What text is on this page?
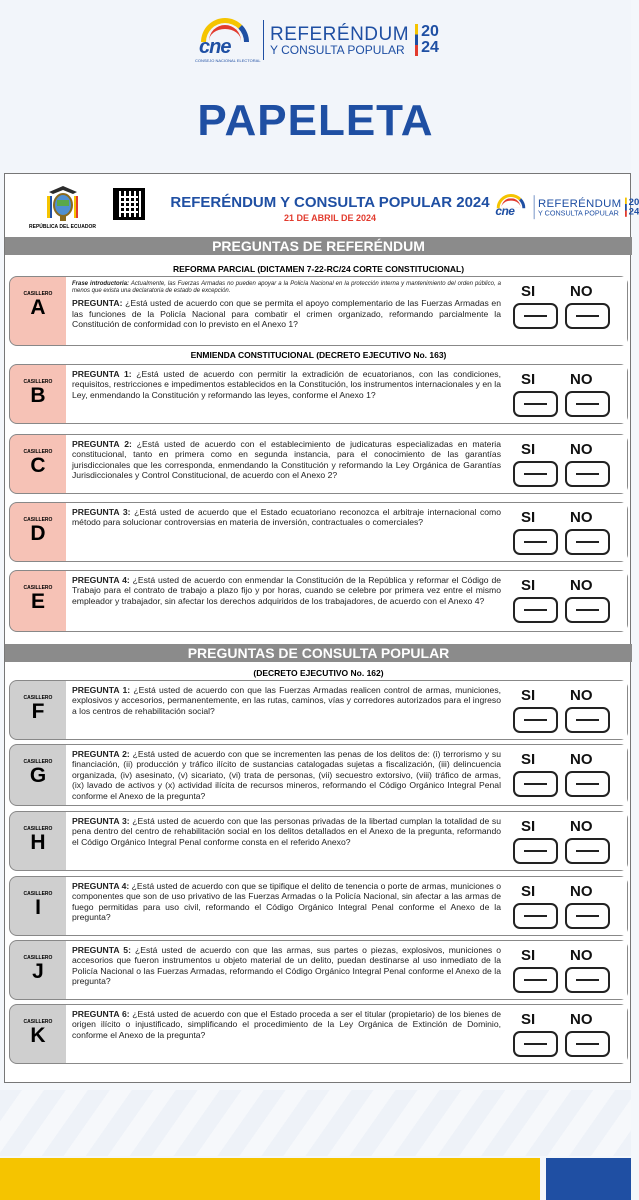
cne
CONSEJO NACIONAL ELECTORAL
REFERÉNDUM
Y CONSULTA POPULAR
20
24
PAPELETA
REPÚBLICA DEL ECUADOR
REFERÉNDUM Y CONSULTA POPULAR 2024
21 DE ABRIL DE 2024	cne
REFERÉNDUM
Y CONSULTA POPULAR
20
24
PREGUNTAS DE REFERÉNDUM
REFORMA PARCIAL (DICTAMEN 7-22-RC/24 CORTE CONSTITUCIONAL)
ENMIENDA CONSTITUCIONAL (DECRETO EJECUTIVO No. 163)
PREGUNTAS DE CONSULTA POPULAR
(DECRETO EJECUTIVO No. 162)
CASILLERO
A
Frase introductoria: Actualmente, las Fuerzas Armadas no pueden apoyar a la Policía Nacional en la protección interna y mantenimiento del orden público, a menos que exista una declaratoria de estado de excepción.
PREGUNTA: ¿Está usted de acuerdo con que se permita el apoyo complementario de las Fuerzas Armadas en las funciones de la Policía Nacional para combatir el crimen organizado, reformando parcialmente la Constitución de conformidad con lo previsto en el Anexo 1?
SI NO
CASILLERO
B
PREGUNTA 1: ¿Está usted de acuerdo con permitir la extradición de ecuatorianos, con las condiciones, requisitos, restricciones e impedimentos establecidos en la Constitución, los instrumentos internacionales y en la Ley, enmendando la Constitución y reformando las leyes, conforme el Anexo 1?
SI NO
CASILLERO
C
PREGUNTA 2: ¿Está usted de acuerdo con el establecimiento de judicaturas especializadas en materia constitucional, tanto en primera como en segunda instancia, para el conocimiento de las garantías jurisdiccionales que les corresponda, enmendando la Constitución y reformando la Ley Orgánica de Garantías Jurisdiccionales y Control Constitucional, de acuerdo con el Anexo 2?
SI NO
CASILLERO
D
PREGUNTA 3: ¿Está usted de acuerdo que el Estado ecuatoriano reconozca el arbitraje internacional como método para solucionar controversias en materia de inversión, contractuales o comerciales?	SI NO
CASILLERO
E
PREGUNTA 4: ¿Está usted de acuerdo con enmendar la Constitución de la República y reformar el Código de Trabajo para el contrato de trabajo a plazo fijo y por horas, cuando se celebre por primera vez entre el mismo empleador y trabajador, sin afectar los derechos adquiridos de los trabajadores, de acuerdo con el Anexo 4?
SI NO
CASILLERO
F
PREGUNTA 1: ¿Está usted de acuerdo con que las Fuerzas Armadas realicen control de armas, municiones, explosivos y accesorios, permanentemente, en las rutas, caminos, vías y corredores autorizados para el ingreso a los centros de rehabilitación social?
SI NO
CASILLERO
G
PREGUNTA 2: ¿Está usted de acuerdo con que se incrementen las penas de los delitos de: (i) terrorismo y su financiación, (ii) producción y tráfico ilícito de sustancias catalogadas sujetas a fiscalización, (iii) delincuencia organizada, (iv) asesinato, (v) sicariato, (vi) trata de personas, (vii) secuestro extorsivo, (viii) tráfico de armas, (ix) lavado de activos y (x) actividad ilícita de recursos mineros, reformando el Código Orgánico Integral Penal conforme el Anexo de la pregunta?
SI NO
CASILLERO
H
PREGUNTA 3: ¿Está usted de acuerdo con que las personas privadas de la libertad cumplan la totalidad de su pena dentro del centro de rehabilitación social en los delitos detallados en el Anexo de la pregunta, reformando el Código Orgánico Integral Penal conforme consta en el referido Anexo?
SI NO
CASILLERO
I
PREGUNTA 4: ¿Está usted de acuerdo con que se tipifique el delito de tenencia o porte de armas, municiones o componentes que son de uso privativo de las Fuerzas Armadas o la Policía Nacional, sin afectar a las armas de fuego permitidas para uso civil, reformando el Código Orgánico Integral Penal conforme el Anexo de la pregunta?
SI NO
CASILLERO
J
PREGUNTA 5: ¿Está usted de acuerdo con que las armas, sus partes o piezas, explosivos, municiones o accesorios que fueron instrumentos u objeto material de un delito, puedan destinarse al uso inmediato de la Policía Nacional o las Fuerzas Armadas, reformando el Código Orgánico Integral Penal conforme el Anexo de la pregunta?
SI NO
CASILLERO
K
PREGUNTA 6: ¿Está usted de acuerdo con que el Estado proceda a ser el titular (propietario) de los bienes de origen ilícito o injustificado, simplificando el procedimiento de la Ley Orgánica de Extinción de Dominio, conforme el Anexo de la pregunta?
SI NO
